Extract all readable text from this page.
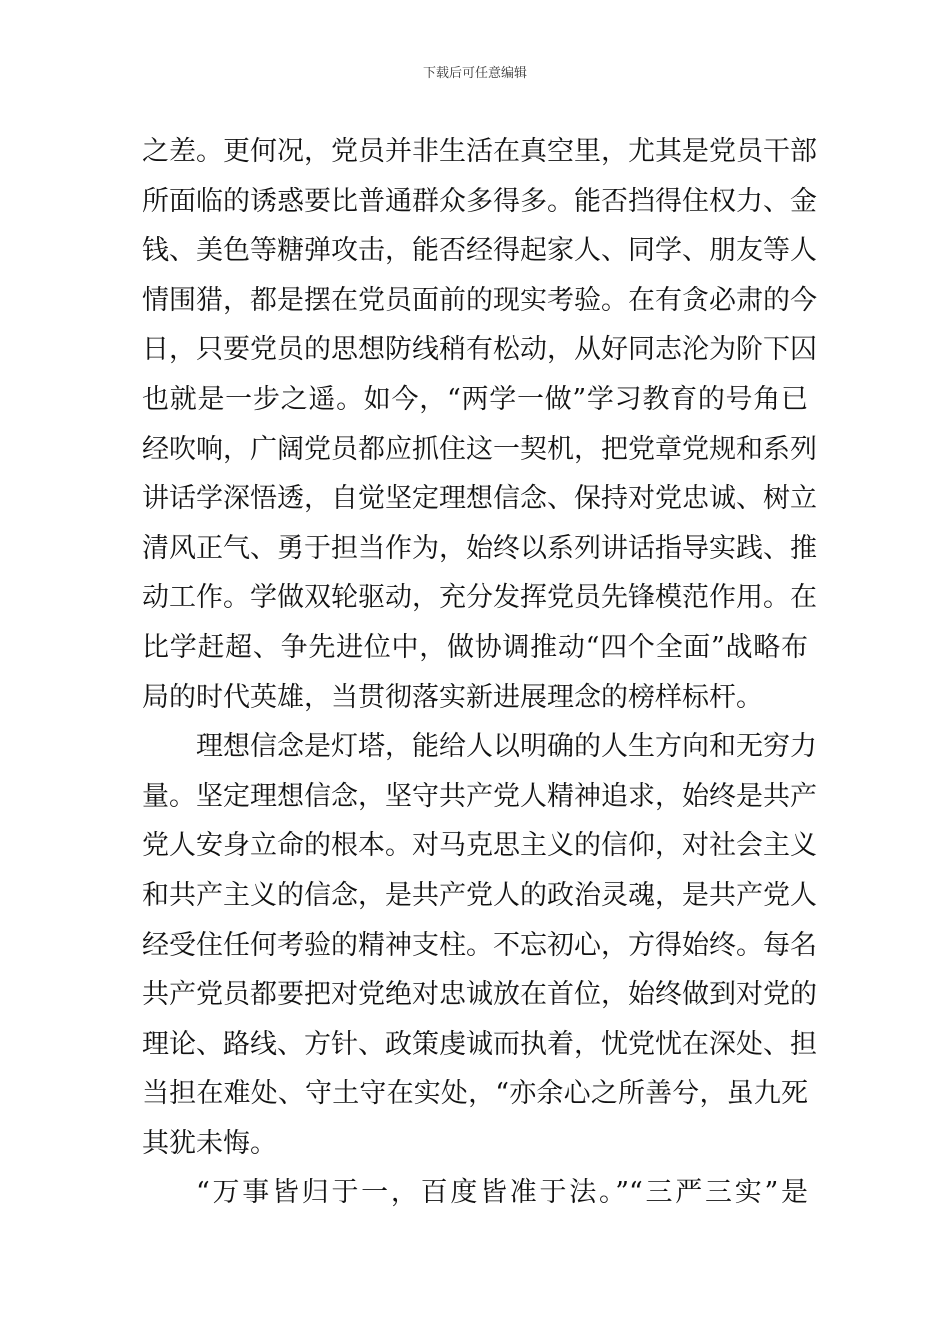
下载后可任意编辑
之差。更何况，党员并非生活在真空里，尤其是党员干部
所面临的诱惑要比普通群众多得多。能否挡得住权力、金
钱、美色等糖弹攻击，能否经得起家人、同学、朋友等人
情围猎，都是摆在党员面前的现实考验。在有贪必肃的今
日，只要党员的思想防线稍有松动，从好同志沦为阶下囚
也就是一步之遥。如今，“两学一做”学习教育的号角已
经吹响，广阔党员都应抓住这一契机，把党章党规和系列
讲话学深悟透，自觉坚定理想信念、保持对党忠诚、树立
清风正气、勇于担当作为，始终以系列讲话指导实践、推
动工作。学做双轮驱动，充分发挥党员先锋模范作用。在
比学赶超、争先进位中，做协调推动“四个全面”战略布
局的时代英雄，当贯彻落实新进展理念的榜样标杆。
理想信念是灯塔，能给人以明确的人生方向和无穷力
量。坚定理想信念，坚守共产党人精神追求，始终是共产
党人安身立命的根本。对马克思主义的信仰，对社会主义
和共产主义的信念，是共产党人的政治灵魂，是共产党人
经受住任何考验的精神支柱。不忘初心，方得始终。每名
共产党员都要把对党绝对忠诚放在首位，始终做到对党的
理论、路线、方针、政策虔诚而执着，忧党忧在深处、担
当担在难处、守土守在实处，“亦余心之所善兮，虽九死
其犹未悔。
“万事皆归于一，百度皆准于法。”“三严三实”是
